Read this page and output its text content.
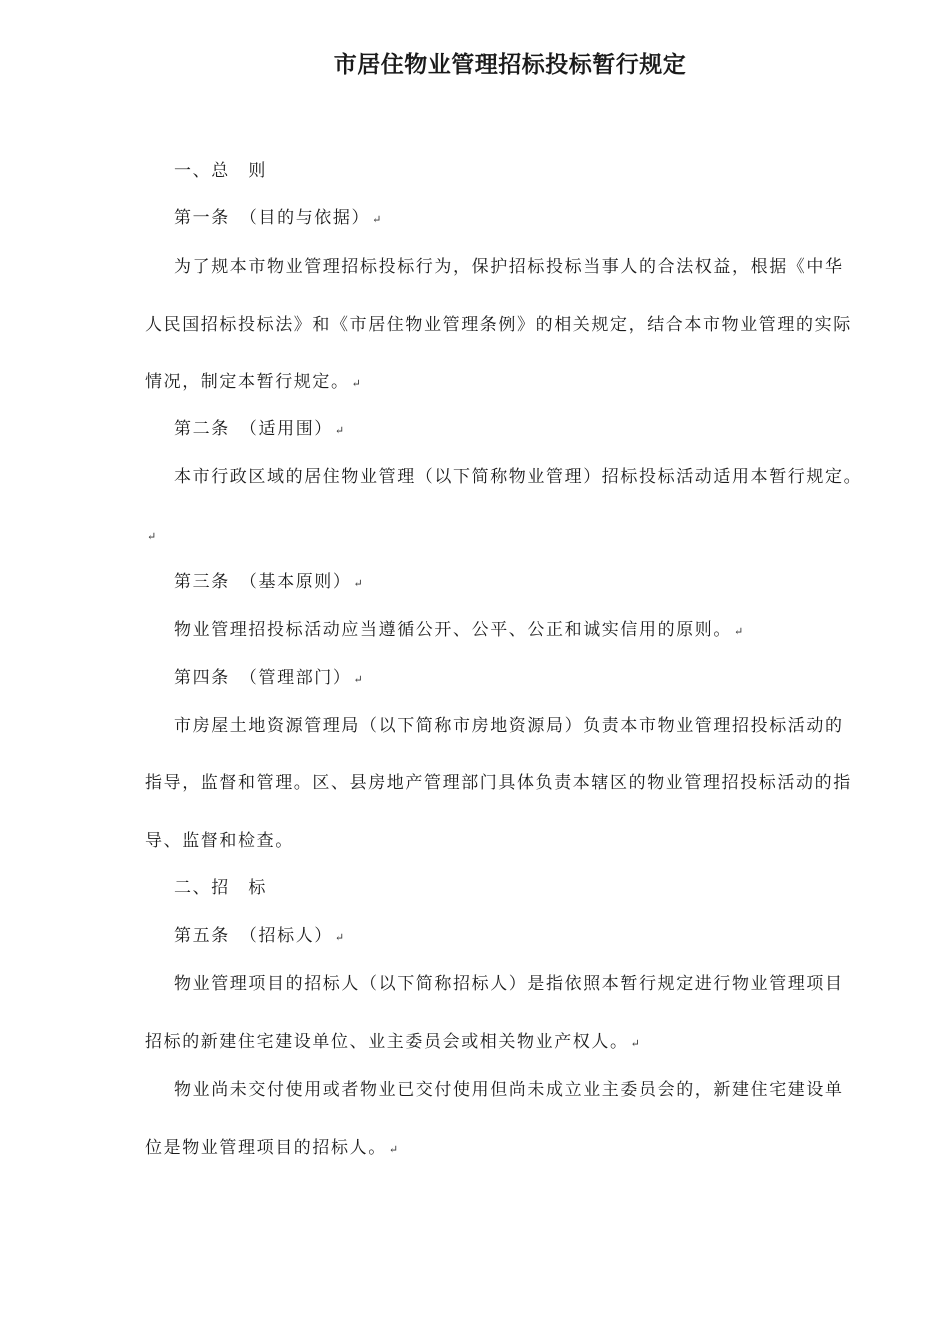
市居住物业管理招标投标暂行规定
一、总　则
第一条　（目的与依据） ↵
为了规本市物业管理招标投标行为，保护招标投标当事人的合法权益，根据《中华
人民国招标投标法》和《市居住物业管理条例》的相关规定，结合本市物业管理的实际
情况，制定本暂行规定。 ↵
第二条　（适用围） ↵
本市行政区域的居住物业管理（以下简称物业管理）招标投标活动适用本暂行规定。
↵
第三条　（基本原则） ↵
物业管理招投标活动应当遵循公开、公平、公正和诚实信用的原则。 ↵
第四条　（管理部门） ↵
市房屋土地资源管理局（以下简称市房地资源局）负责本市物业管理招投标活动的
指导，监督和管理。区、县房地产管理部门具体负责本辖区的物业管理招投标活动的指
导、监督和检查。
二、招　标
第五条　（招标人） ↵
物业管理项目的招标人（以下简称招标人）是指依照本暂行规定进行物业管理项目
招标的新建住宅建设单位、业主委员会或相关物业产权人。 ↵
物业尚未交付使用或者物业已交付使用但尚未成立业主委员会的，新建住宅建设单
位是物业管理项目的招标人。 ↵
